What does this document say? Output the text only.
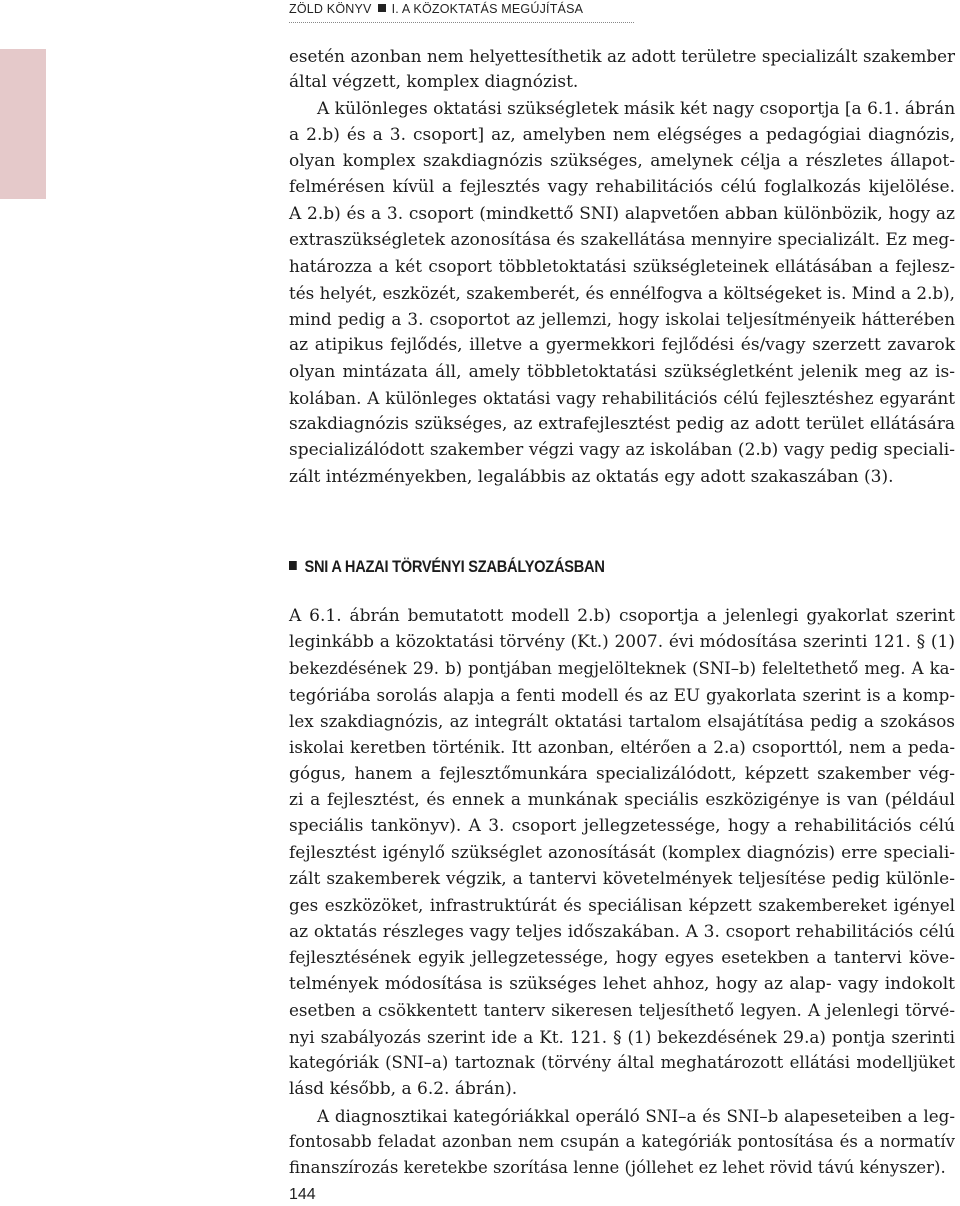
ZÖLD KÖNYV I. A KÖZOKTATÁS MEGÚJÍTÁSA
esetén azonban nem helyettesíthetik az adott területre specializált szakember
által végzett, komplex diagnózist.
A különleges oktatási szükségletek másik két nagy csoportja [a 6.1. ábrán
a 2.b) és a 3. csoport] az, amelyben nem elégséges a pedagógiai diagnózis,
olyan komplex szakdiagnózis szükséges, amelynek célja a részletes állapot-
felmérésen kívül a fejlesztés vagy rehabilitációs célú foglalkozás kijelölése.
A 2.b) és a 3. csoport (mindkettő SNI) alapvetően abban különbözik, hogy az
extraszükségletek azonosítása és szakellátása mennyire specializált. Ez meg-
határozza a két csoport többletoktatási szükségleteinek ellátásában a fejlesz-
tés helyét, eszközét, szakemberét, és ennélfogva a költségeket is. Mind a 2.b),
mind pedig a 3. csoportot az jellemzi, hogy iskolai teljesítményeik hátterében
az atipikus fejlődés, illetve a gyermekkori fejlődési és/vagy szerzett zavarok
olyan mintázata áll, amely többletoktatási szükségletként jelenik meg az is-
kolában. A különleges oktatási vagy rehabilitációs célú fejlesztéshez egyaránt
szakdiagnózis szükséges, az extrafejlesztést pedig az adott terület ellátására
specializálódott szakember végzi vagy az iskolában (2.b) vagy pedig speciali-
zált intézményekben, legalábbis az oktatás egy adott szakaszában (3).
SNI A HAZAI TÖRVÉNYI SZABÁLYOZÁSBAN
A 6.1. ábrán bemutatott modell 2.b) csoportja a jelenlegi gyakorlat szerint
leginkább a közoktatási törvény (Kt.) 2007. évi módosítása szerinti 121. § (1)
bekezdésének 29. b) pontjában megjelölteknek (SNI–b) feleltethető meg. A ka-
tegóriába sorolás alapja a fenti modell és az EU gyakorlata szerint is a komp-
lex szakdiagnózis, az integrált oktatási tartalom elsajátítása pedig a szokásos
iskolai keretben történik. Itt azonban, eltérően a 2.a) csoporttól, nem a peda-
gógus, hanem a fejlesztőmunkára specializálódott, képzett szakember vég-
zi a fejlesztést, és ennek a munkának speciális eszközigénye is van (például
speciális tankönyv). A 3. csoport jellegzetessége, hogy a rehabilitációs célú
fejlesztést igénylő szükséglet azonosítását (komplex diagnózis) erre speciali-
zált szakemberek végzik, a tantervi követelmények teljesítése pedig különle-
ges eszközöket, infrastruktúrát és speciálisan képzett szakembereket igényel
az oktatás részleges vagy teljes időszakában. A 3. csoport rehabilitációs célú
fejlesztésének egyik jellegzetessége, hogy egyes esetekben a tantervi köve-
telmények módosítása is szükséges lehet ahhoz, hogy az alap- vagy indokolt
esetben a csökkentett tanterv sikeresen teljesíthető legyen. A jelenlegi törvé-
nyi szabályozás szerint ide a Kt. 121. § (1) bekezdésének 29.a) pontja szerinti
kategóriák (SNI–a) tartoznak (törvény által meghatározott ellátási modelljüket
lásd később, a 6.2. ábrán).
A diagnosztikai kategóriákkal operáló SNI–a és SNI–b alapeseteiben a leg-
fontosabb feladat azonban nem csupán a kategóriák pontosítása és a normatív
finanszírozás keretekbe szorítása lenne (jóllehet ez lehet rövid távú kényszer).
144
